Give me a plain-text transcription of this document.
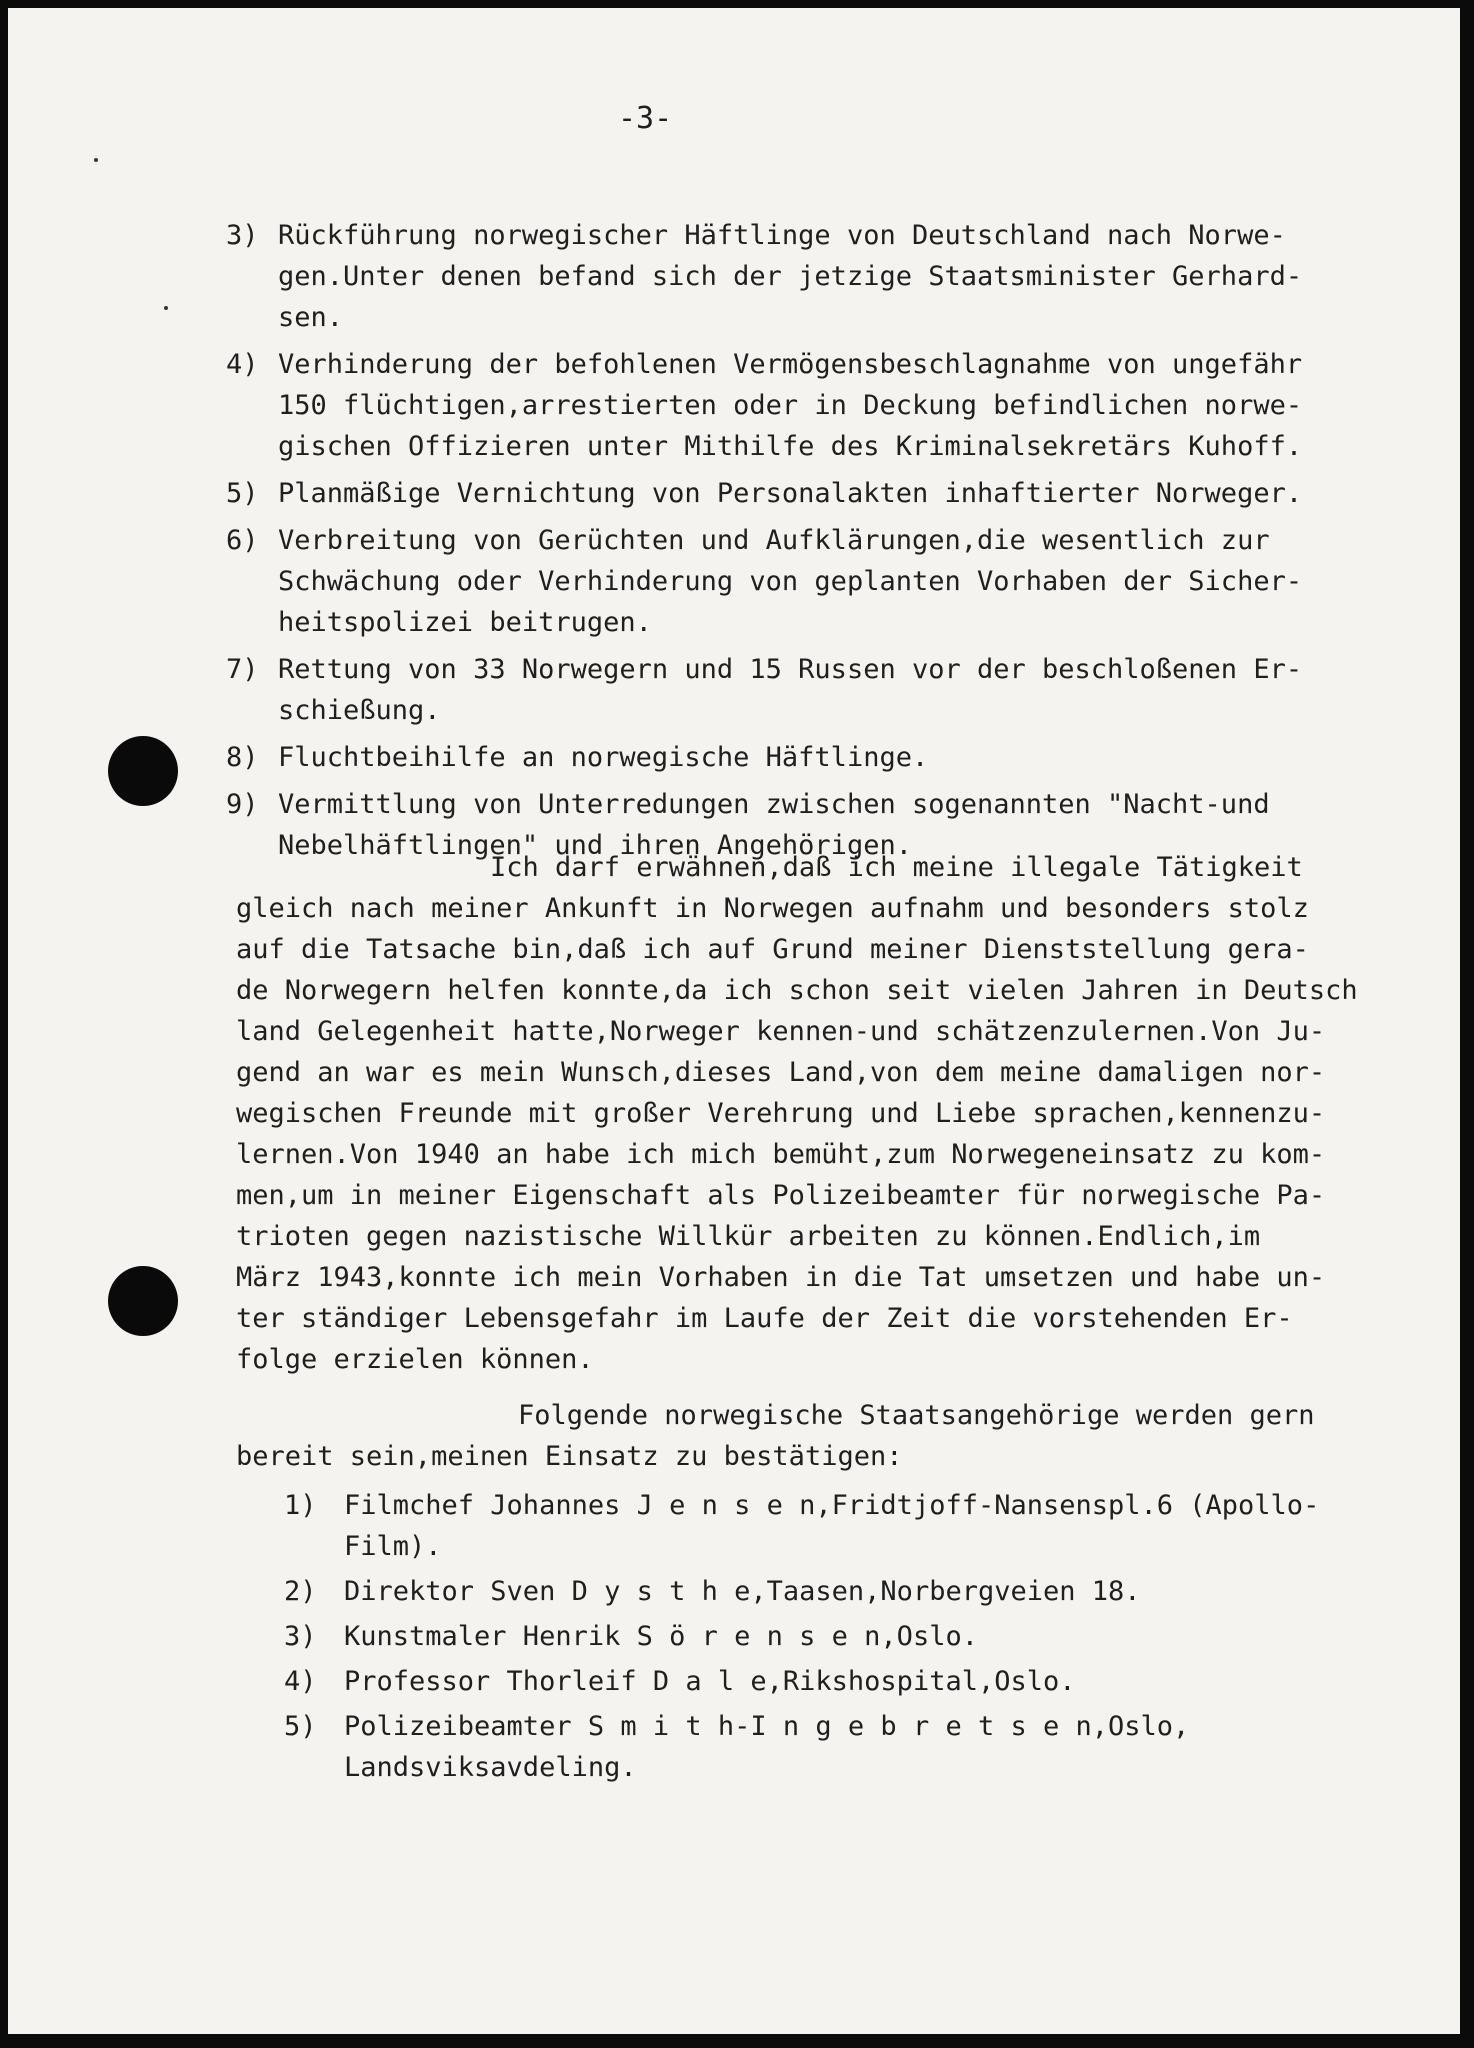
-3-
3) Rückführung norwegischer Häftlinge von Deutschland nach Norwe-
gen.Unter denen befand sich der jetzige Staatsminister Gerhard-
sen.
4) Verhinderung der befohlenen Vermögensbeschlagnahme von ungefähr
150 flüchtigen,arrestierten oder in Deckung befindlichen norwe-
gischen Offizieren unter Mithilfe des Kriminalsekretärs Kuhoff.
5) Planmäßige Vernichtung von Personalakten inhaftierter Norweger.
6) Verbreitung von Gerüchten und Aufklärungen,die wesentlich zur
Schwächung oder Verhinderung von geplanten Vorhaben der Sicher-
heitspolizei beitrugen.
7) Rettung von 33 Norwegern und 15 Russen vor der beschloßenen Er-
schießung.
8) Fluchtbeihilfe an norwegische Häftlinge.
9) Vermittlung von Unterredungen zwischen sogenannten "Nacht-und
Nebelhäftlingen" und ihren Angehörigen.
Ich darf erwähnen,daß ich meine illegale Tätigkeit
gleich nach meiner Ankunft in Norwegen aufnahm und besonders stolz
auf die Tatsache bin,daß ich auf Grund meiner Dienststellung gera-
de Norwegern helfen konnte,da ich schon seit vielen Jahren in Deutsch
land Gelegenheit hatte,Norweger kennen-und schätzenzulernen.Von Ju-
gend an war es mein Wunsch,dieses Land,von dem meine damaligen nor-
wegischen Freunde mit großer Verehrung und Liebe sprachen,kennenzu-
lernen.Von 1940 an habe ich mich bemüht,zum Norwegeneinsatz zu kom-
men,um in meiner Eigenschaft als Polizeibeamter für norwegische Pa-
trioten gegen nazistische Willkür arbeiten zu können.Endlich,im
März 1943,konnte ich mein Vorhaben in die Tat umsetzen und habe un-
ter ständiger Lebensgefahr im Laufe der Zeit die vorstehenden Er-
folge erzielen können.
Folgende norwegische Staatsangehörige werden gern
bereit sein,meinen Einsatz zu bestätigen:
1) Filmchef Johannes J e n s e n,Fridtjoff-Nansenspl.6 (Apollo-
Film).
2) Direktor Sven D y s t h e,Taasen,Norbergveien 18.
3) Kunstmaler Henrik S ö r e n s e n,Oslo.
4) Professor Thorleif D a l e,Rikshospital,Oslo.
5) Polizeibeamter S m i t h-I n g e b r e t s e n,Oslo,
Landsviksavdeling.
